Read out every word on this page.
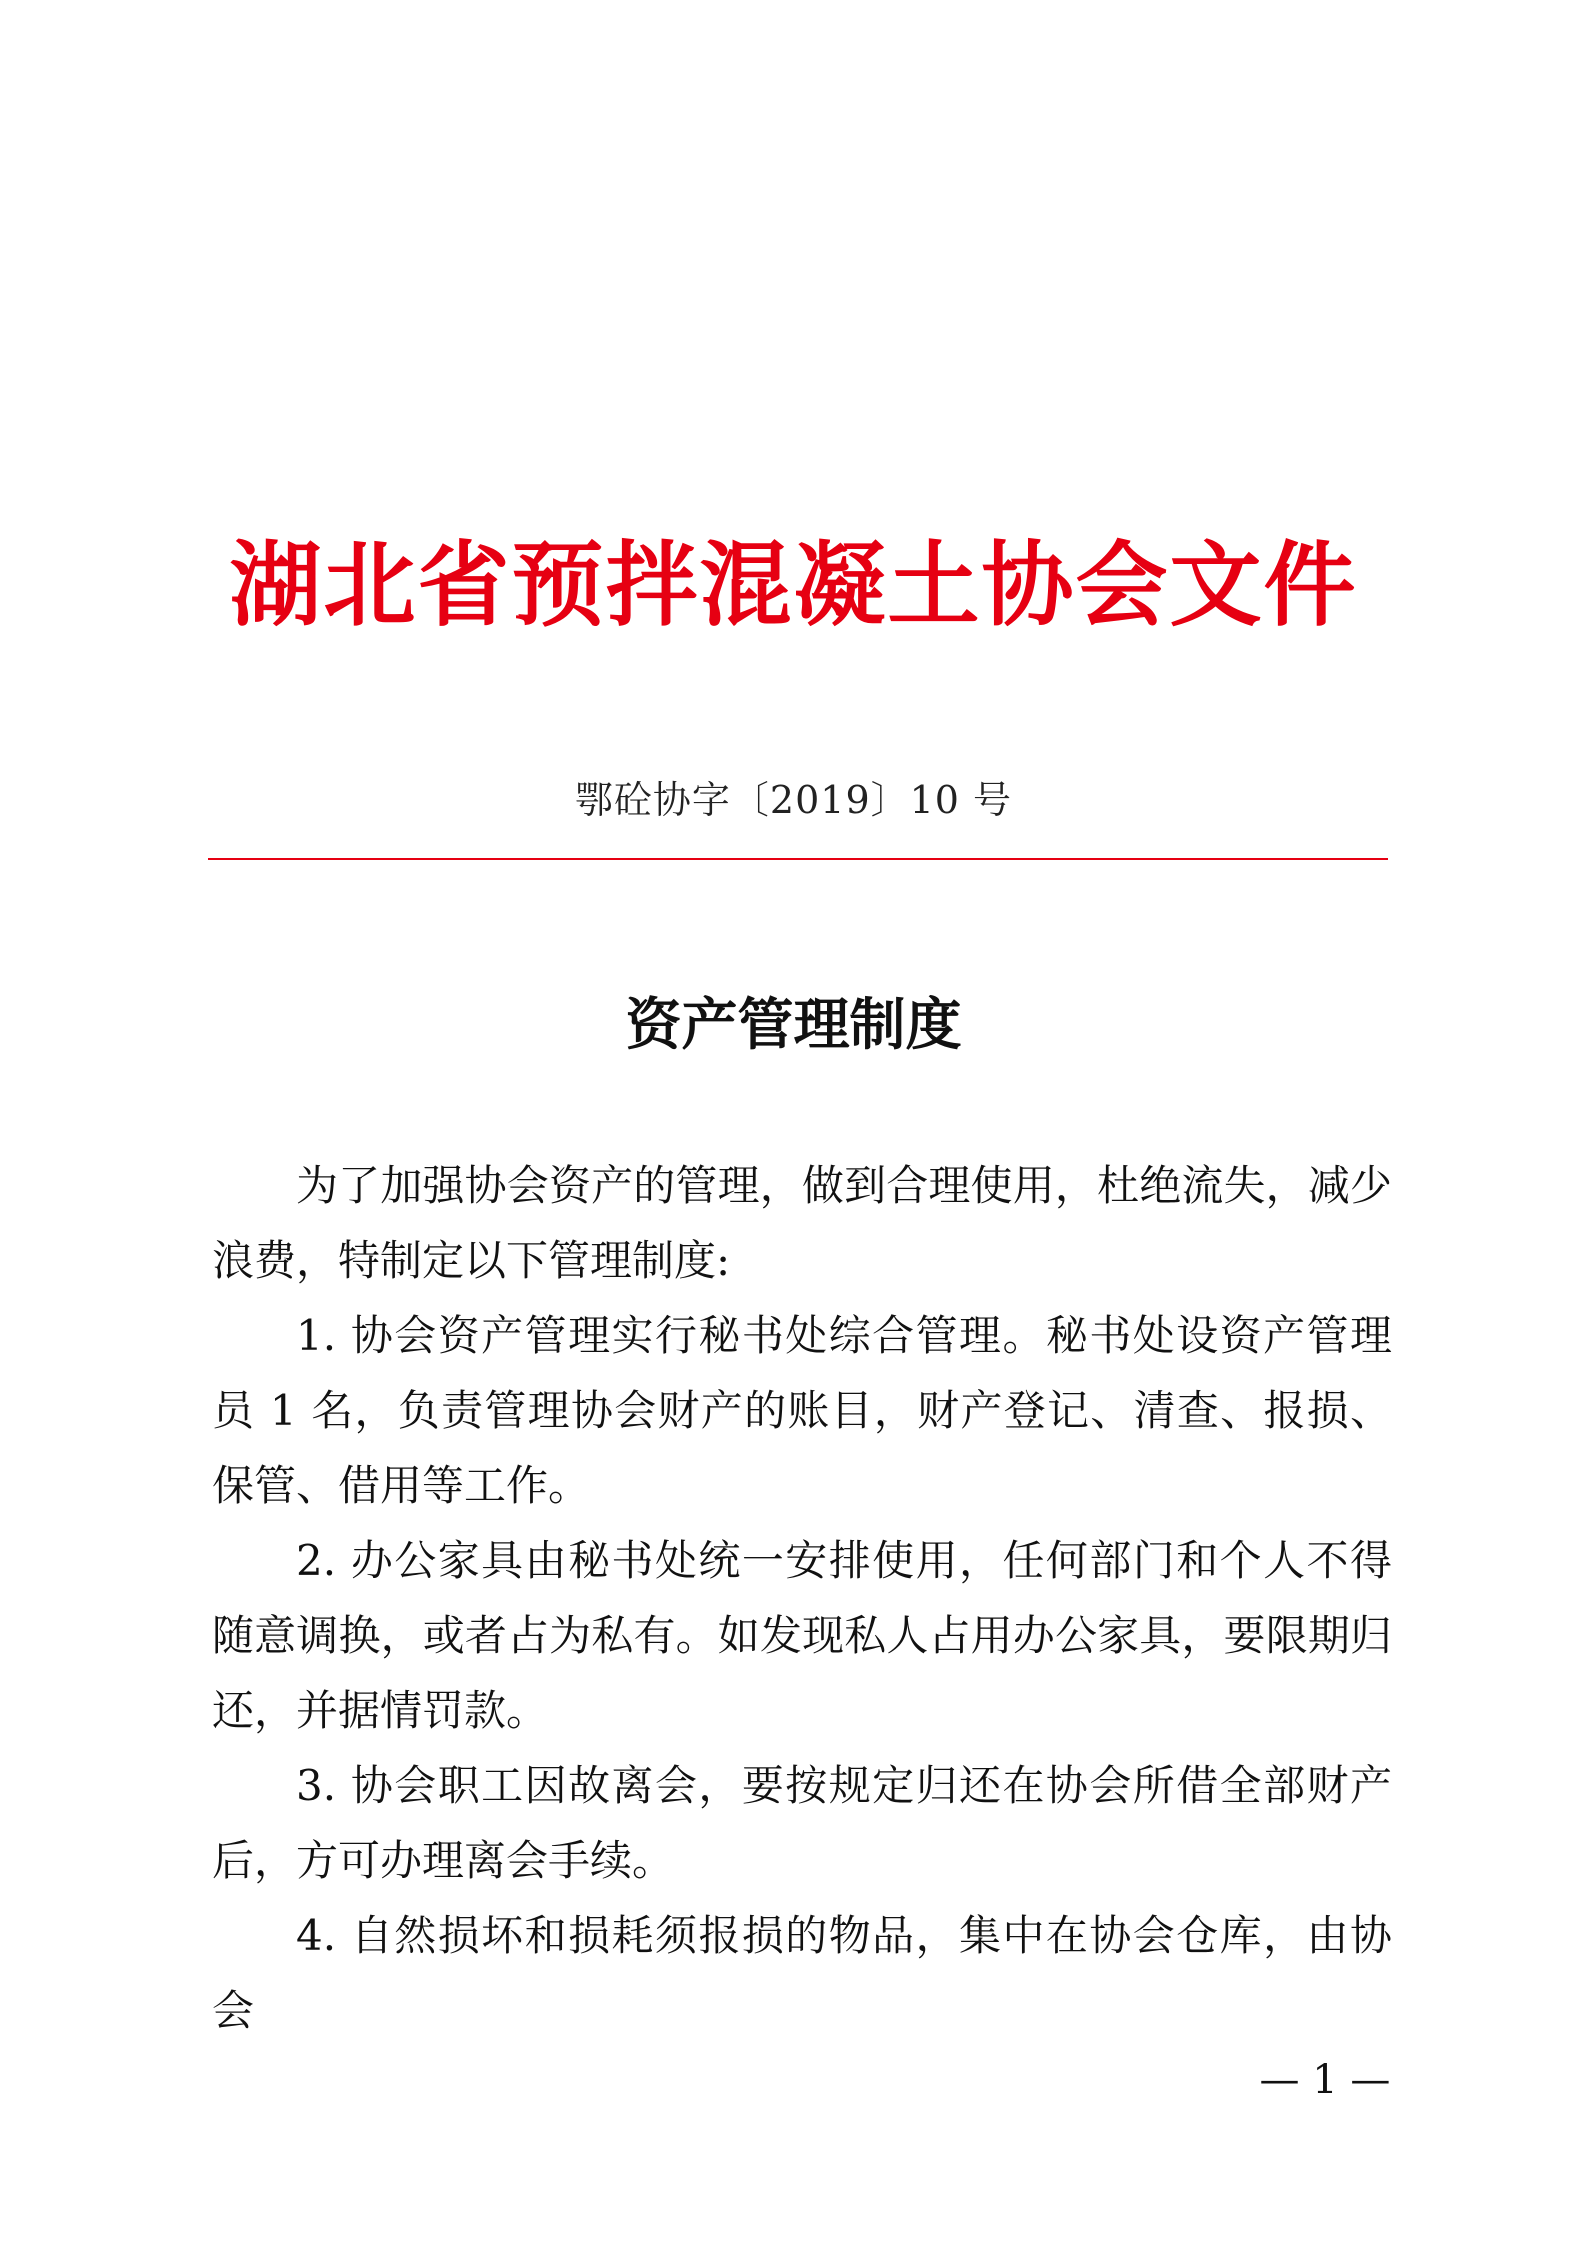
湖北省预拌混凝土协会文件
鄂砼协字〔2019〕10 号
资产管理制度

为了加强协会资产的管理，做到合理使用，杜绝流失，减少浪费，特制定以下管理制度:

1. 协会资产管理实行秘书处综合管理。秘书处设资产管理员 1 名，负责管理协会财产的账目，财产登记、清查、报损、保管、借用等工作。

2. 办公家具由秘书处统一安排使用，任何部门和个人不得随意调换，或者占为私有。如发现私人占用办公家具，要限期归还，并据情罚款。

3. 协会职工因故离会，要按规定归还在协会所借全部财产后，方可办理离会手续。

4. 自然损坏和损耗须报损的物品，集中在协会仓库，由协会

— 1 —
